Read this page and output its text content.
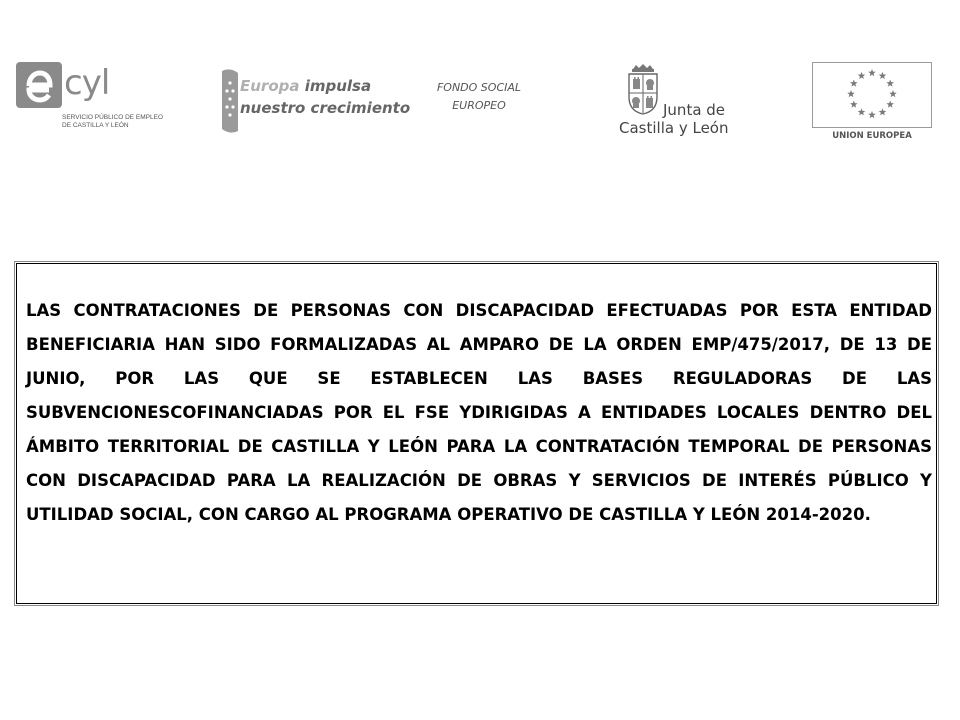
cyl
SERVICIO PÚBLICO DE EMPLEO DE CASTILLA Y LEÓN
Europa impulsa
nuestro crecimiento
FONDO SOCIAL
EUROPEO	Junta de
Castilla y León	UNION EUROPEA

LAS CONTRATACIONES DE PERSONAS CON DISCAPACIDAD EFECTUADAS POR ESTA ENTIDAD BENEFICIARIA HAN SIDO FORMALIZADAS AL AMPARO DE LA ORDEN EMP/475/2017, DE 13 DE JUNIO, POR LAS QUE SE ESTABLECEN LAS BASES REGULADORAS DE LAS SUBVENCIONESCOFINANCIADAS POR EL FSE YDIRIGIDAS A ENTIDADES LOCALES DENTRO DEL ÁMBITO TERRITORIAL DE CASTILLA Y LEÓN PARA LA CONTRATACIÓN TEMPORAL DE PERSONAS CON DISCAPACIDAD PARA LA REALIZACIÓN DE OBRAS Y SERVICIOS DE INTERÉS PÚBLICO Y UTILIDAD SOCIAL, CON CARGO AL PROGRAMA OPERATIVO DE CASTILLA Y LEÓN 2014-2020.
